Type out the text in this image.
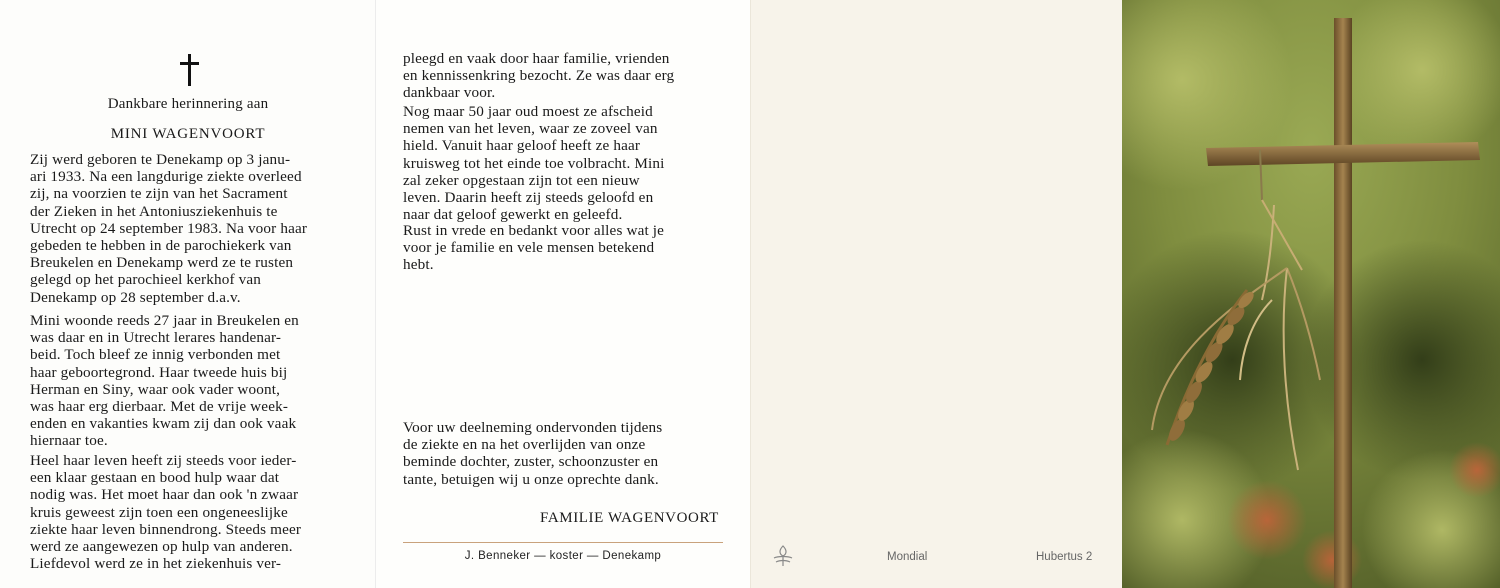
Dankbare herinnering aan
MINI WAGENVOORT
Zij werd geboren te Denekamp op 3 janu-
ari 1933. Na een langdurige ziekte overleed
zij, na voorzien te zijn van het Sacrament
der Zieken in het Antoniusziekenhuis te
Utrecht op 24 september 1983. Na voor haar
gebeden te hebben in de parochiekerk van
Breukelen en Denekamp werd ze te rusten
gelegd op het parochieel kerkhof van
Denekamp op 28 september d.a.v.
Mini woonde reeds 27 jaar in Breukelen en
was daar en in Utrecht lerares handenar-
beid. Toch bleef ze innig verbonden met
haar geboortegrond. Haar tweede huis bij
Herman en Siny, waar ook vader woont,
was haar erg dierbaar. Met de vrije week-
enden en vakanties kwam zij dan ook vaak
hiernaar toe.
Heel haar leven heeft zij steeds voor ieder-
een klaar gestaan en bood hulp waar dat
nodig was. Het moet haar dan ook 'n zwaar
kruis geweest zijn toen een ongeneeslijke
ziekte haar leven binnendrong. Steeds meer
werd ze aangewezen op hulp van anderen.
Liefdevol werd ze in het ziekenhuis ver-
pleegd en vaak door haar familie, vrienden
en kennissenkring bezocht. Ze was daar erg
dankbaar voor.
Nog maar 50 jaar oud moest ze afscheid
nemen van het leven, waar ze zoveel van
hield. Vanuit haar geloof heeft ze haar
kruisweg tot het einde toe volbracht. Mini
zal zeker opgestaan zijn tot een nieuw
leven. Daarin heeft zij steeds geloofd en
naar dat geloof gewerkt en geleefd.
Rust in vrede en bedankt voor alles wat je
voor je familie en vele mensen betekend
hebt.
Voor uw deelneming ondervonden tijdens
de ziekte en na het overlijden van onze
beminde dochter, zuster, schoonzuster en
tante, betuigen wij u onze oprechte dank.
FAMILIE WAGENVOORT
J. Benneker — koster — Denekamp	Mondial	Hubertus 2
